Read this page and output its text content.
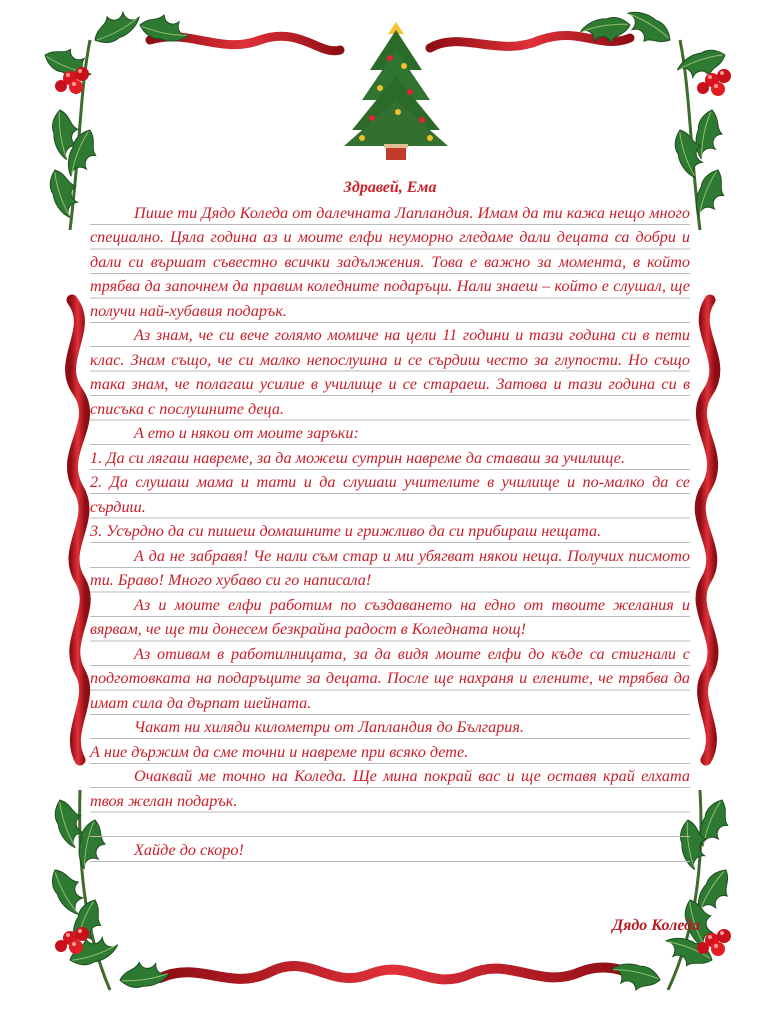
Здравей, Ема

Пише ти Дядо Коледа от далечната Лапландия. Имам да ти кажа нещо много специално. Цяла година аз и моите елфи неуморно гледаме дали децата са добри и дали си вършат съвестно всички задължения. Това е важно за момента, в който трябва да започнем да правим коледните подаръци. Нали знаеш – който е слушал, ще получи най-хубавия подарък.

Аз знам, че си вече голямо момиче на цели 11 години и тази година си в пети клас. Знам също, че си малко непослушна и се сърдиш често за глупости. Но също така знам, че полагаш усилие в училище и се стараеш. Затова и тази година си в списъка с послушните деца.

А ето и някои от моите заръки:

1. Да си лягаш навреме, за да можеш сутрин навреме да ставаш за училище.

2. Да слушаш мама и тати и да слушаш учителите в училище и по-малко да се сърдиш.

3. Усърдно да си пишеш домашните и грижливо да си прибираш нещата.

А да не забравя! Че нали съм стар и ми убягват някои неща. Получих писмото ти. Браво! Много хубаво си го написала!

Аз и моите елфи работим по създаването на едно от твоите желания и вярвам, че ще ти донесем безкрайна радост в Коледната нощ!

Аз отивам в работилницата, за да видя моите елфи до къде са стигнали с подготовката на подаръците за децата. После ще нахраня и елените, че трябва да имат сила да дърпат шейната.

Чакат ни хиляди километри от Лапландия до България.

А ние държим да сме точни и навреме при всяко дете.

Очаквай ме точно на Коледа. Ще мина покрай вас и ще оставя край елхата твоя желан подарък.

Хайде до скоро!

Дядо Коледа
